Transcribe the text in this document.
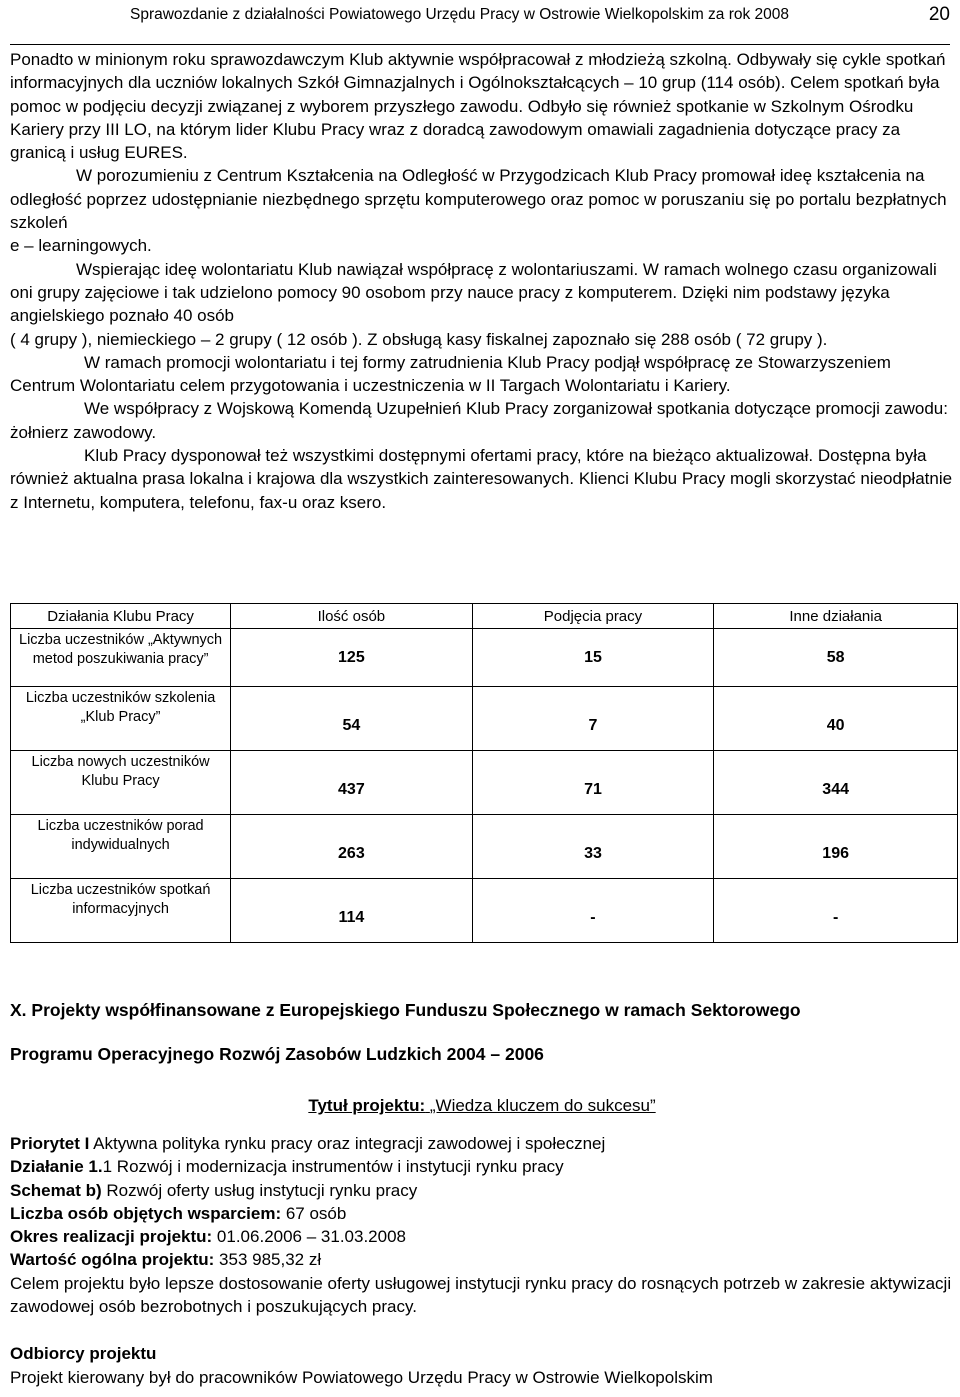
Sprawozdanie z działalności Powiatowego Urzędu Pracy w Ostrowie Wielkopolskim za rok 2008	20

Ponadto w minionym roku sprawozdawczym Klub aktywnie współpracował z młodzieżą szkolną. Odbywały się cykle spotkań informacyjnych dla uczniów lokalnych Szkół Gimnazjalnych i Ogólnokształcących – 10 grup (114 osób). Celem spotkań była pomoc w podjęciu decyzji związanej z wyborem przyszłego zawodu. Odbyło się również spotkanie w Szkolnym Ośrodku Kariery przy III LO, na którym lider Klubu Pracy wraz z doradcą zawodowym omawiali zagadnienia dotyczące pracy za granicą i usług EURES.

W porozumieniu z Centrum Kształcenia na Odległość w Przygodzicach Klub Pracy promował ideę kształcenia na odległość poprzez udostępnianie niezbędnego sprzętu komputerowego oraz pomoc w poruszaniu się po portalu bezpłatnych szkoleń

e – learningowych.

Wspierając ideę wolontariatu Klub nawiązał współpracę z wolontariuszami. W ramach wolnego czasu organizowali oni grupy zajęciowe i tak udzielono pomocy 90 osobom przy nauce pracy z komputerem. Dzięki nim podstawy języka angielskiego poznało 40 osób

( 4 grupy ), niemieckiego – 2 grupy ( 12 osób ). Z obsługą kasy fiskalnej zapoznało się 288 osób ( 72 grupy ).

W ramach promocji wolontariatu i tej formy zatrudnienia Klub Pracy podjął współpracę ze Stowarzyszeniem Centrum Wolontariatu celem przygotowania i uczestniczenia w II Targach Wolontariatu i Kariery.

We współpracy z Wojskową Komendą Uzupełnień Klub Pracy zorganizował spotkania dotyczące promocji zawodu: żołnierz zawodowy.

Klub Pracy dysponował też wszystkimi dostępnymi ofertami pracy, które na bieżąco aktualizował. Dostępna była również aktualna prasa lokalna i krajowa dla wszystkich zainteresowanych. Klienci Klubu Pracy mogli skorzystać nieodpłatnie z Internetu, komputera, telefonu, fax-u oraz ksero.

Działania Klubu Pracy	Ilość osób	Podjęcia pracy	Inne działania
Liczba uczestników „Aktywnych metod poszukiwania pracy”	125	15	58
Liczba uczestników szkolenia „Klub Pracy”	54	7	40
Liczba nowych uczestników Klubu Pracy	437	71	344
Liczba uczestników porad indywidualnych	263	33	196
Liczba uczestników spotkań informacyjnych	114	-	-

X. Projekty współfinansowane z Europejskiego Funduszu Społecznego w ramach Sektorowego

Programu Operacyjnego Rozwój Zasobów Ludzkich 2004 – 2006

Tytuł projektu: „Wiedza kluczem do sukcesu”

Priorytet I Aktywna polityka rynku pracy oraz integracji zawodowej i społecznej

Działanie 1.1 Rozwój i modernizacja instrumentów i instytucji rynku pracy

Schemat b) Rozwój oferty usług instytucji rynku pracy

Liczba osób objętych wsparciem: 67 osób

Okres realizacji projektu: 01.06.2006 – 31.03.2008

Wartość ogólna projektu: 353 985,32 zł

Celem projektu było lepsze dostosowanie oferty usługowej instytucji rynku pracy do rosnących potrzeb w zakresie aktywizacji zawodowej osób bezrobotnych i poszukujących pracy.

Odbiorcy projektu

Projekt kierowany był do pracowników Powiatowego Urzędu Pracy w Ostrowie Wielkopolskim
